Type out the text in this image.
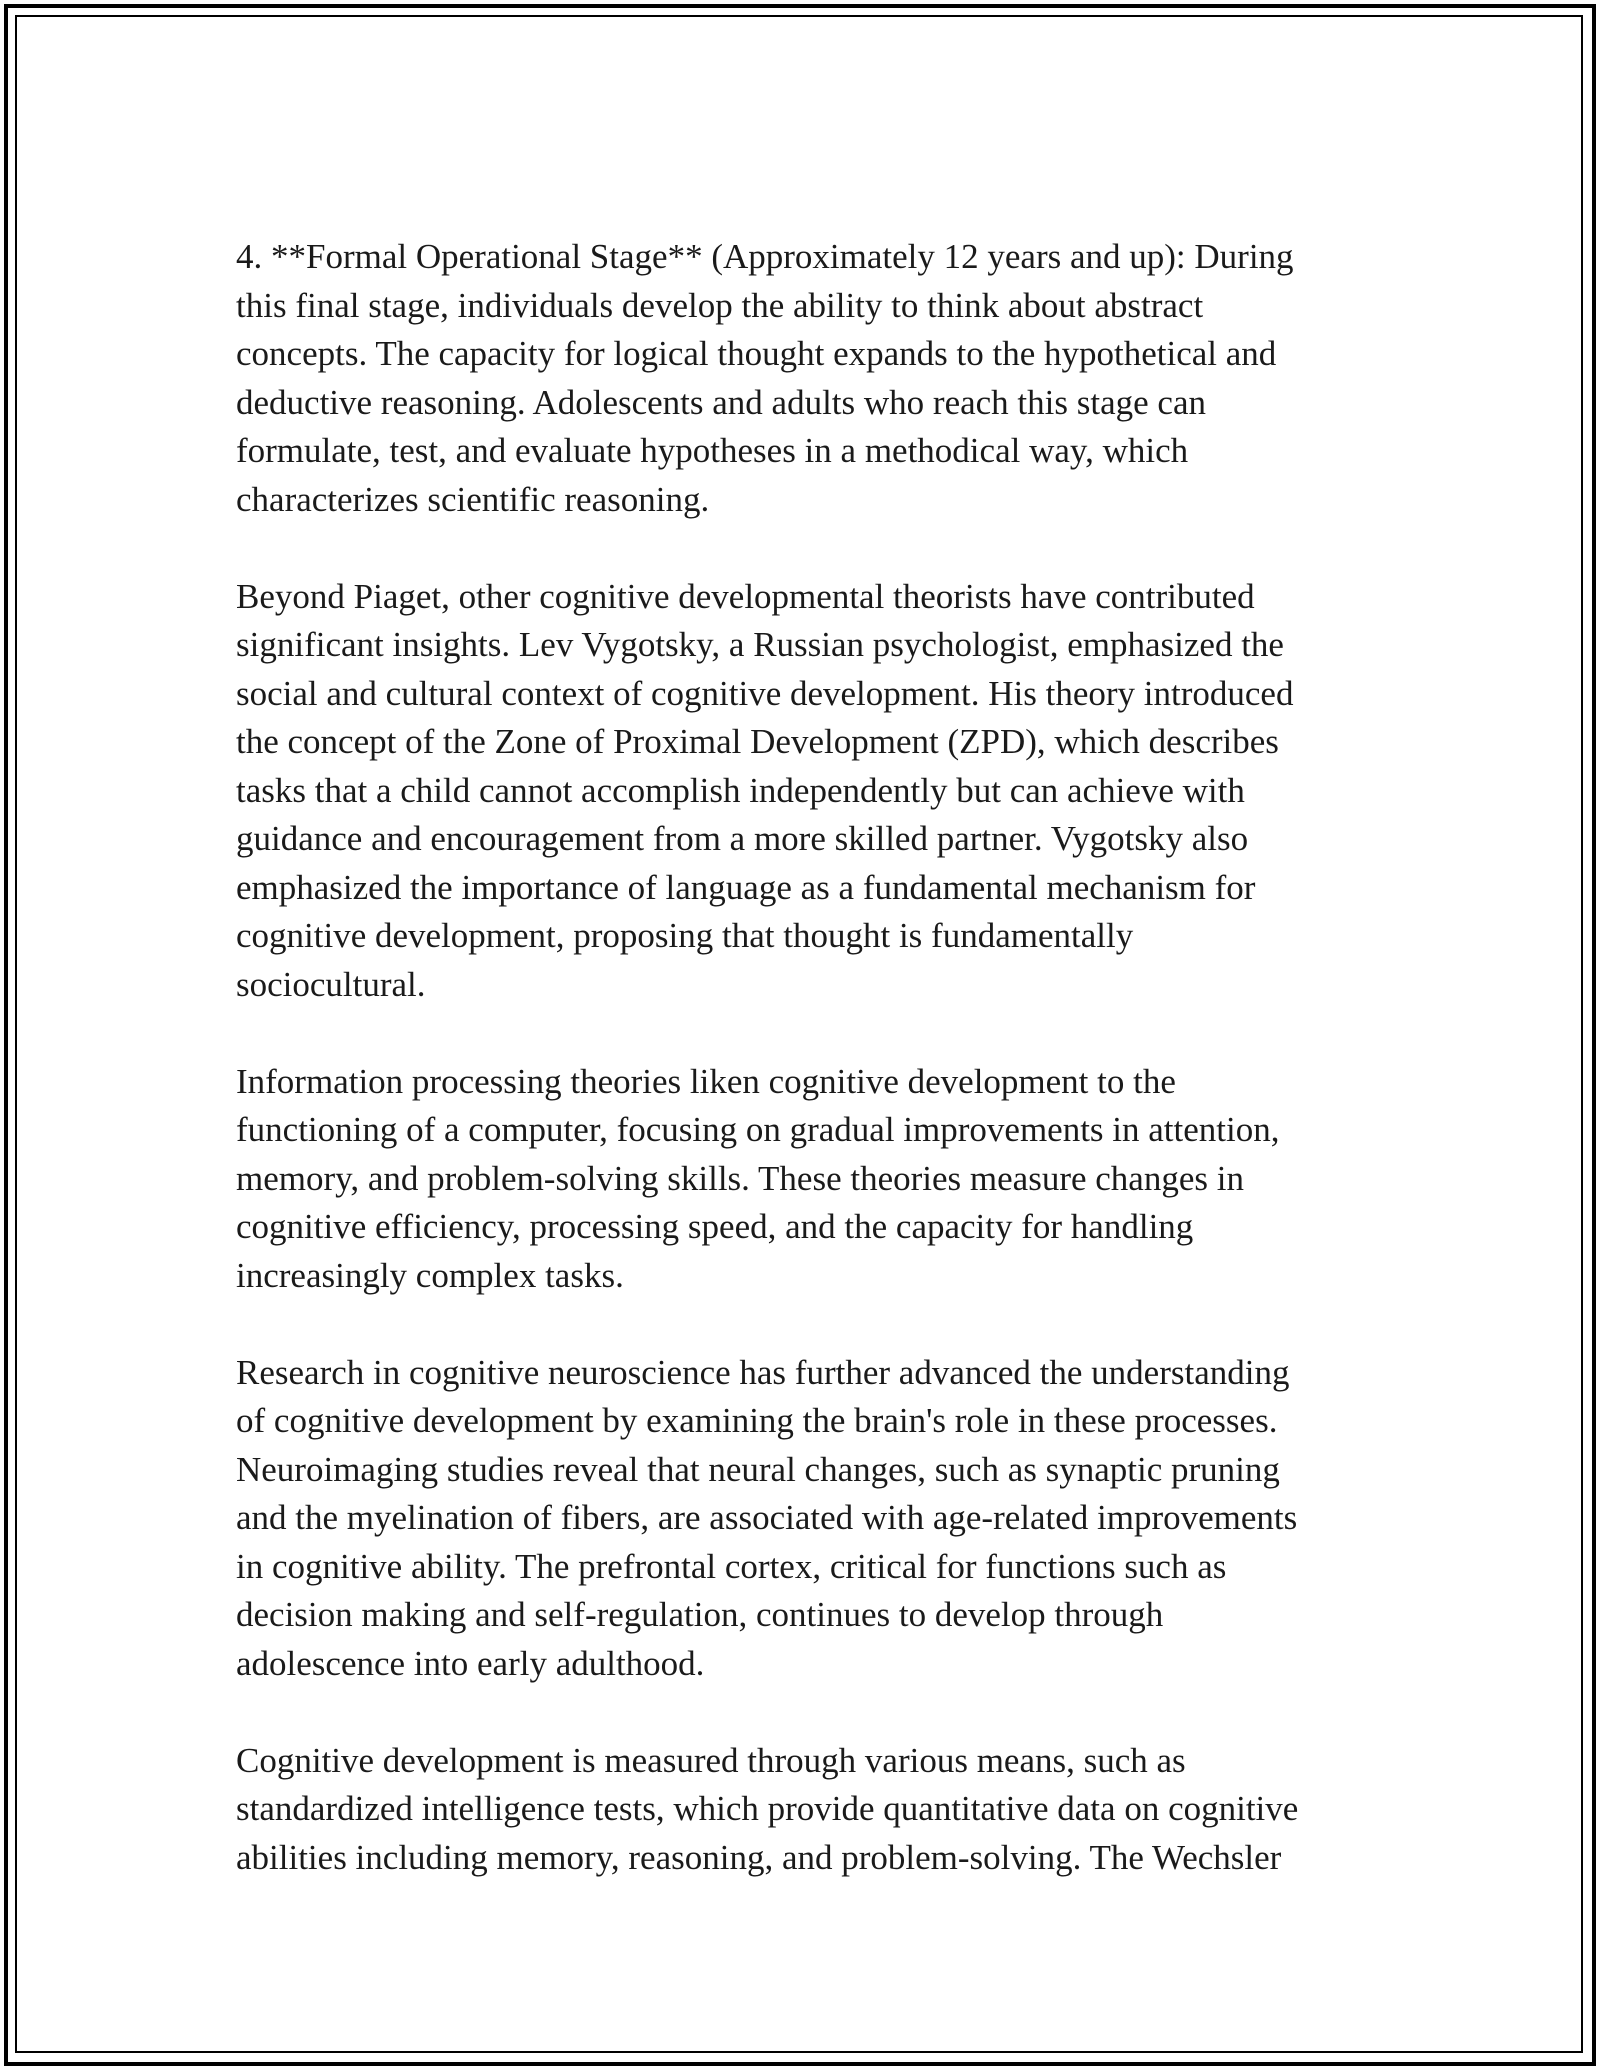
4. **Formal Operational Stage** (Approximately 12 years and up): During
this final stage, individuals develop the ability to think about abstract
concepts. The capacity for logical thought expands to the hypothetical and
deductive reasoning. Adolescents and adults who reach this stage can
formulate, test, and evaluate hypotheses in a methodical way, which
characterizes scientific reasoning.

Beyond Piaget, other cognitive developmental theorists have contributed
significant insights. Lev Vygotsky, a Russian psychologist, emphasized the
social and cultural context of cognitive development. His theory introduced
the concept of the Zone of Proximal Development (ZPD), which describes
tasks that a child cannot accomplish independently but can achieve with
guidance and encouragement from a more skilled partner. Vygotsky also
emphasized the importance of language as a fundamental mechanism for
cognitive development, proposing that thought is fundamentally
sociocultural.

Information processing theories liken cognitive development to the
functioning of a computer, focusing on gradual improvements in attention,
memory, and problem-solving skills. These theories measure changes in
cognitive efficiency, processing speed, and the capacity for handling
increasingly complex tasks.

Research in cognitive neuroscience has further advanced the understanding
of cognitive development by examining the brain's role in these processes.
Neuroimaging studies reveal that neural changes, such as synaptic pruning
and the myelination of fibers, are associated with age-related improvements
in cognitive ability. The prefrontal cortex, critical for functions such as
decision making and self-regulation, continues to develop through
adolescence into early adulthood.

Cognitive development is measured through various means, such as
standardized intelligence tests, which provide quantitative data on cognitive
abilities including memory, reasoning, and problem-solving. The Wechsler
